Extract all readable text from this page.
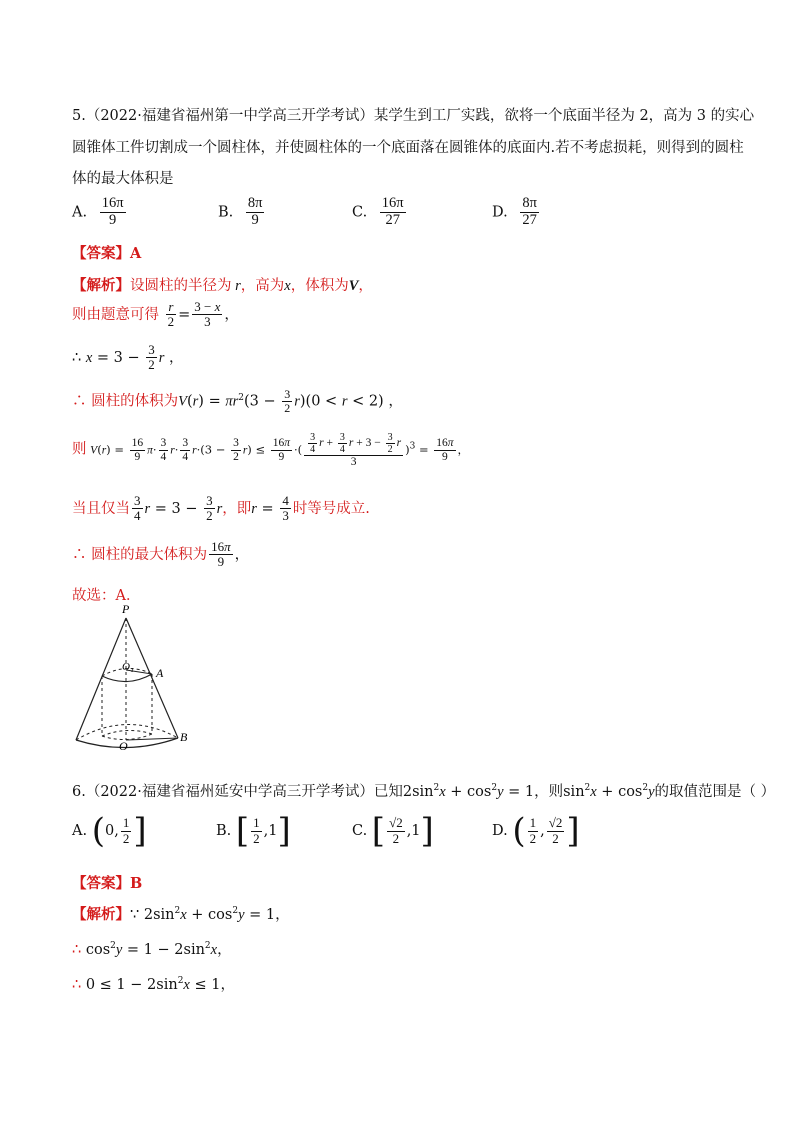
5.（2022·福建省福州第一中学高三开学考试）某学生到工厂实践，欲将一个底面半径为 2，高为 3 的实心
圆锥体工件切割成一个圆柱体，并使圆柱体的一个底面落在圆锥体的底面内.若不考虑损耗，则得到的圆柱
体的最大体积是
A. $\frac{16\pi}{9}$	B. $\frac{8\pi}{9}$	C. $\frac{16\pi}{27}$	D. $\frac{8\pi}{27}$
【答案】A
【解析】设圆柱的半径为 r，高为x，体积为V，
则由题意可得 $\frac{r}{2} = \frac{3 - x}{3}$ ，
∴ $x = 3 - \frac{3}{2}$ r ，
∴ 圆柱的体积为$V(r) = \pi r^2(3 - \frac{3}{2} r)(0 < r < 2)$ ，
则 $V(r) = \frac{16}{9} \pi\cdot \frac{3}{4} r\cdot \frac{3}{4} r\cdot(3 - \frac{3}{2} r) \le \frac{16\pi}{9}$ ·( $\frac{\frac{3}{4} r + \frac{3}{4} r + 3 - \frac{3}{2} r}{3} )^3 = \frac{16\pi}{9}$ ，
当且仅当 $\frac{3}{4}$ $r = 3 - \frac{3}{2}$ r，即$r = \frac{4}{3}$ 时等号成立.
∴ 圆柱的最大体积为 $\frac{16\pi}{9}$ ，
故选：A．
P
O₁ A
O
B
6.（2022·福建省福州延安中学高三开学考试）已知$2\sin^2x + \cos^2y = 1$，则$\sin^2x + \cos^2y$的取值范围是（ ）
A. (0, $\frac{1}{2}$ ]	B. [ $\frac{1}{2} ,1$]	C. [ $\frac{√2}{2} ,1$]	D. ( $\frac{1}{2}$ , $\frac{√2}{2}$ ]
【答案】B
【解析】∵ $2\sin^2x + \cos^2y = 1$，
∴ $\cos^2y = 1 - 2\sin^2x$，
∴ $0 \le 1 - 2\sin^2x \le 1$，
